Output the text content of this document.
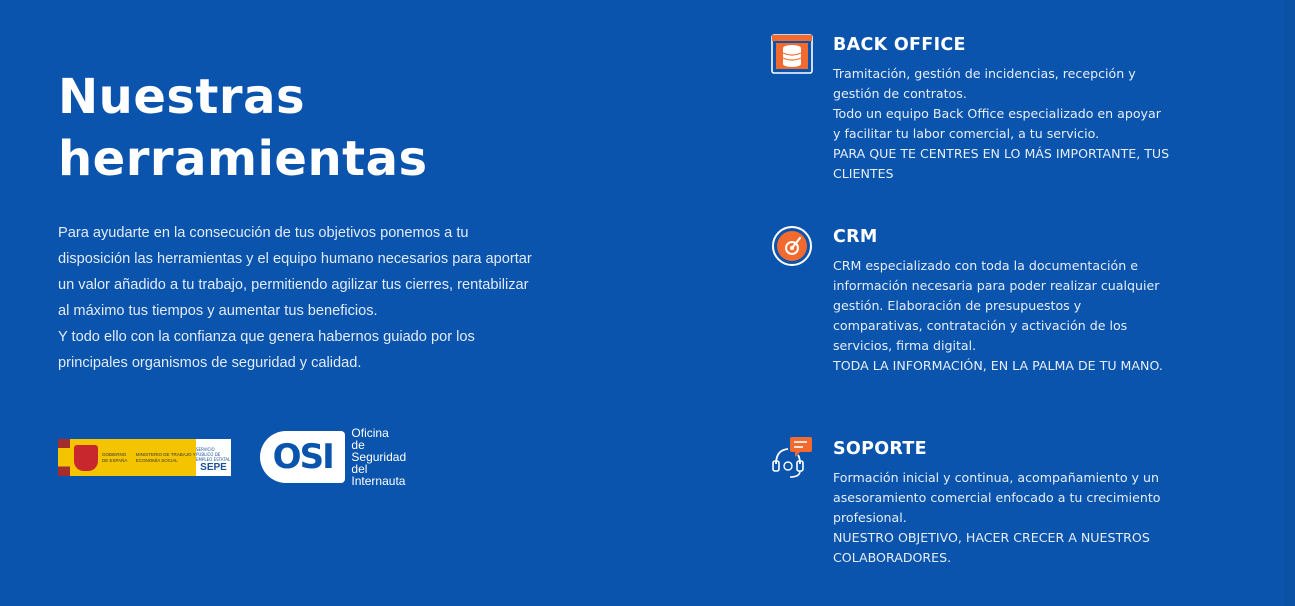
Nuestras
herramientas

Para ayudarte en la consecución de tus objetivos ponemos a tu disposición las herramientas y el equipo humano necesarios para aportar un valor añadido a tu trabajo, permitiendo agilizar tus cierres, rentabilizar al máximo tus tiempos y aumentar tus beneficios.

Y todo ello con la confianza que genera habernos guiado por los principales organismos de seguridad y calidad.

GOBIERNO DE ESPAÑA
MINISTERIO DE TRABAJO Y ECONOMÍA SOCIAL
SERVICIO PÚBLICO DE EMPLEO ESTATAL
SEPE	OSI
Oficina
de Seguridad
del Internauta
BACK OFFICE

Tramitación, gestión de incidencias, recepción y gestión de contratos.

Todo un equipo Back Office especializado en apoyar y facilitar tu labor comercial, a tu servicio.

PARA QUE TE CENTRES EN LO MÁS IMPORTANTE, TUS CLIENTES

CRM

CRM especializado con toda la documentación e información necesaria para poder realizar cualquier gestión. Elaboración de presupuestos y comparativas, contratación y activación de los servicios, firma digital.

TODA LA INFORMACIÓN, EN LA PALMA DE TU MANO.

SOPORTE

Formación inicial y continua, acompañamiento y un asesoramiento comercial enfocado a tu crecimiento profesional.

NUESTRO OBJETIVO, HACER CRECER A NUESTROS COLABORADORES.
